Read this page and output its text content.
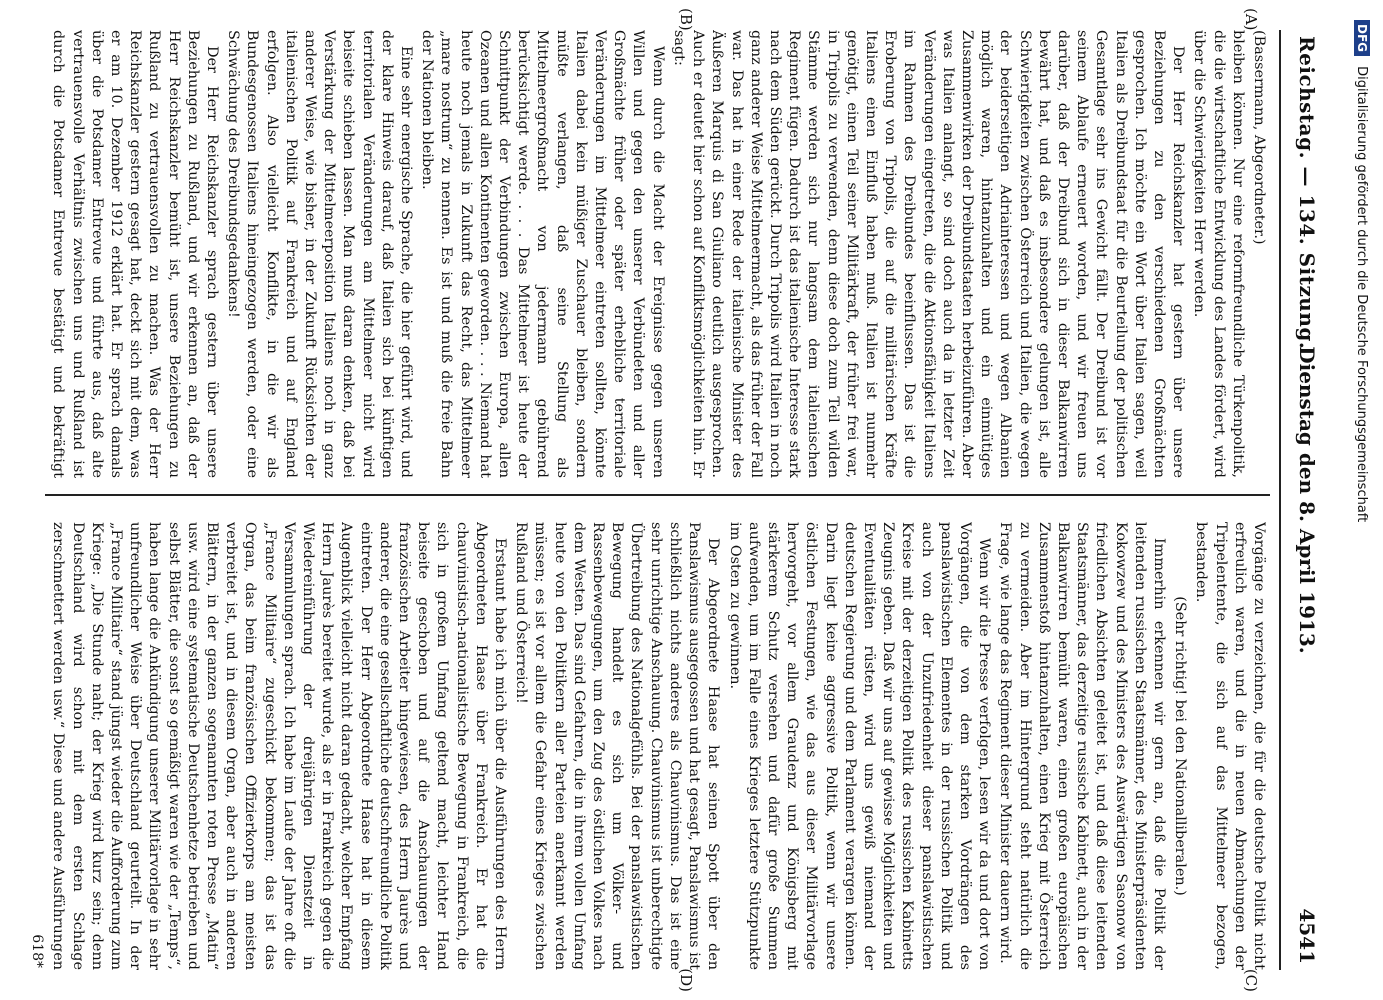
Reichstag. — 134. Sitzung.
Dienstag den 8. April 1913.
4541
(A)
(B)
(C)
(D)

(Bassermann, Abgeordneter.)

bleiben können. Nur eine reformfreundliche Türkenpolitik, die die wirtschaftliche Entwicklung des Landes fördert, wird über die Schwierigkeiten Herr werden.

Der Herr Reichskanzler hat gestern über unsere Beziehungen zu den verschiedenen Großmächten gesprochen. Ich möchte ein Wort über Italien sagen, weil Italien als Dreibundstaat für die Beurteilung der politischen Gesamtlage sehr ins Gewicht fällt. Der Dreibund ist vor seinem Ablaufe erneuert worden, und wir freuen uns darüber, daß der Dreibund sich in dieser Balkanwirren bewährt hat, und daß es insbesondere gelungen ist, alle Schwierigkeiten zwischen Österreich und Italien, die wegen der beiderseitigen Adriainteressen und wegen Albanien möglich waren, hintanzuhalten und ein einmütiges Zusammenwirken der Dreibundstaaten herbeizuführen. Aber was Italien anlangt, so sind doch auch da in letzter Zeit Veränderungen eingetreten, die die Aktionsfähigkeit Italiens im Rahmen des Dreibundes beeinflussen. Das ist die Eroberung von Tripolis, die auf die militärischen Kräfte Italiens einen Einfluß haben muß. Italien ist nunmehr genötigt, einen Teil seiner Militärkraft, der früher frei war, in Tripolis zu verwenden, denn diese doch zum Teil wilden Stämme werden sich nur langsam dem italienischen Regiment fügen. Dadurch ist das italienische Interesse stark nach dem Süden gerückt. Durch Tripolis wird Italien in noch ganz anderer Weise Mittelmeermacht, als das früher der Fall war. Das hat in einer Rede der italienische Minister des Äußeren Marquis di San Giuliano deutlich ausgesprochen. Auch er deutet hier schon auf Konfliktsmöglichkeiten hin. Er sagt:

Wenn durch die Macht der Ereignisse gegen unseren Willen und gegen den unserer Verbündeten und aller Großmächte früher oder später erhebliche territoriale Veränderungen im Mittelmeer eintreten sollten, könnte Italien dabei kein müßiger Zuschauer bleiben, sondern müßte verlangen, daß seine Stellung als Mittelmeergroßmacht von jedermann gebührend berücksichtigt werde. . . . Das Mittelmeer ist heute der Schnittpunkt der Verbindungen zwischen Europa, allen Ozeanen und allen Kontinenten geworden. . . . Niemand hat heute noch jemals in Zukunft das Recht, das Mittelmeer „mare nostrum“ zu nennen. Es ist und muß die freie Bahn der Nationen bleiben.

Eine sehr energische Sprache, die hier geführt wird, und der klare Hinweis darauf, daß Italien sich bei künftigen territorialen Veränderungen am Mittelmeer nicht wird beiseite schieben lassen. Man muß daran denken, daß bei Verstärkung der Mittelmeerposition Italiens noch in ganz anderer Weise, wie bisher, in der Zukunft Rücksichten der italienischen Politik auf Frankreich und auf England erfolgen. Also vielleicht Konflikte, in die wir als Bundesgenossen Italiens hineingezogen werden, oder eine Schwächung des Dreibundsgedankens!

Der Herr Reichskanzler sprach gestern über unsere Beziehungen zu Rußland, und wir erkennen an, daß der Herr Reichskanzler bemüht ist, unsere Beziehungen zu Rußland zu vertrauensvollen zu machen. Was der Herr Reichskanzler gestern gesagt hat, deckt sich mit dem, was er am 10. Dezember 1912 erklärt hat. Er sprach damals über die Potsdamer Entrevue und führte aus, daß alte vertrauensvolle Verhältnis zwischen uns und Rußland ist durch die Potsdamer Entrevue bestätigt und bekräftigt

Vorgänge zu verzeichnen, die für die deutsche Politik nicht erfreulich waren, und die in neuen Abmachungen der Tripelentente, die sich auf das Mittelmeer bezogen, bestanden.

(Sehr richtig! bei den Nationalliberalen.)

Immerhin erkennen wir gern an, daß die Politik der leitenden russischen Staatsmänner, des Ministerpräsidenten Kokowzew und des Ministers des Auswärtigen Sasonow von friedlichen Absichten geleitet ist, und daß diese leitenden Staatsmänner, das derzeitige russische Kabinett, auch in der Balkanwirren bemüht waren, einen großen europäischen Zusammenstoß hintanzuhalten, einen Krieg mit Österreich zu vermeiden. Aber im Hintergrund steht natürlich die Frage, wie lange das Regiment dieser Minister dauern wird.

Wenn wir die Presse verfolgen, lesen wir da und dort von Vorgängen, die von dem starken Vordrängen des panslawistischen Elementes in der russischen Politik und auch von der Unzufriedenheit dieser panslawistischen Kreise mit der derzeitigen Politik des russischen Kabinetts Zeugnis geben. Daß wir uns auf gewisse Möglichkeiten und Eventualitäten rüsten, wird uns gewiß niemand der deutschen Regierung und dem Parlament verargen können. Darin liegt keine aggressive Politik, wenn wir unsere östlichen Festungen, wie das aus dieser Militärvorlage hervorgeht, vor allem Graudenz und Königsberg mit stärkerem Schutz versehen und dafür große Summen aufwenden, um im Falle eines Krieges letztere Stützpunkte im Osten zu gewinnen.

Der Abgeordnete Haase hat seinen Spott über den Panslawismus ausgegossen und hat gesagt, Panslawismus ist schließlich nichts anderes als Chauvinismus. Das ist eine sehr unrichtige Anschauung. Chauvinismus ist unberechtigte Übertreibung des Nationalgefühls. Bei der panslawistischen Bewegung handelt es sich um Völker- und Rassenbewegungen, um den Zug des östlichen Volkes nach dem Westen. Das sind Gefahren, die in ihrem vollen Umfang heute von den Politikern aller Parteien anerkannt werden müssen; es ist vor allem die Gefahr eines Krieges zwischen Rußland und Österreich!

Erstaunt habe ich mich über die Ausführungen des Herrn Abgeordneten Haase über Frankreich. Er hat die chauvinistisch-nationalistische Bewegung in Frankreich, die sich in großem Umfang geltend macht, leichter Hand beiseite geschoben und auf die Anschauungen der französischen Arbeiter hingewiesen, des Herrn Jaurès und anderer, die eine gesellschaftliche deutschfreundliche Politik eintreten. Der Herr Abgeordnete Haase hat in diesem Augenblick vielleicht nicht daran gedacht, welcher Empfang Herrn Jaurès bereitet wurde, als er in Frankreich gegen die Wiedereinführung der dreijährigen Dienstzeit in Versammlungen sprach. Ich habe im Laufe der Jahre oft die „France Militaire“ zugeschickt bekommen; das ist das Organ, das beim französischen Offizierkorps am meisten verbreitet ist, und in diesem Organ, aber auch in anderen Blättern, in der ganzen sogenannten roten Presse „Matin“ usw. wird eine systematische Deutschenhetze betrieben und selbst Blätter, die sonst so gemäßigt waren wie der „Temps“, haben lange die Ankündigung unserer Militärvorlage in sehr unfreundlicher Weise über Deutschland geurteilt. In der „France Militaire“ stand jüngst wieder die Aufforderung zum Kriege: „Die Stunde naht; der Krieg wird kurz sein; denn Deutschland wird schon mit dem ersten Schlage zerschmettert werden usw.“ Diese und andere Ausführungen

618*
DFG Digitalisierung gefördert durch die Deutsche Forschungsgemeinschaft
